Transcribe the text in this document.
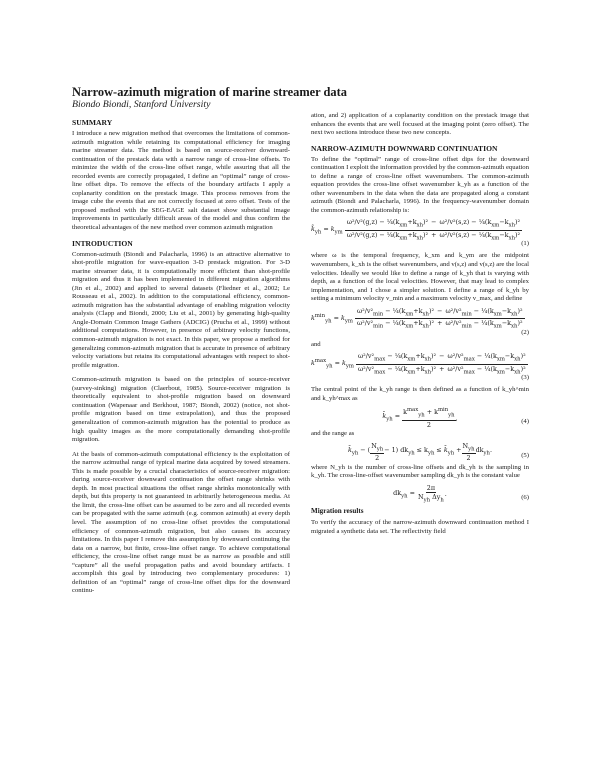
Narrow-azimuth migration of marine streamer data
Biondo Biondi, Stanford University
SUMMARY

I introduce a new migration method that overcomes the limitations of common-azimuth migration while retaining its computational efficiency for imaging marine streamer data. The method is based on source-receiver downward-continuation of the prestack data with a narrow range of cross-line offsets. To minimize the width of the cross-line offset range, while assuring that all the recorded events are correctly propagated, I define an “optimal” range of cross-line offset dips. To remove the effects of the boundary artifacts I apply a coplanarity condition on the prestack image. This process removes from the image cube the events that are not correctly focused at zero offset. Tests of the proposed method with the SEG-EAGE salt dataset show substantial image improvements in particularly difficult areas of the model and thus confirm the theoretical advantages of the new method over common azimuth migration

INTRODUCTION

Common-azimuth (Biondi and Palacharla, 1996) is an attractive alternative to shot-profile migration for wave-equation 3-D prestack migration. For 3-D marine streamer data, it is computationally more efficient than shot-profile migration and thus it has been implemented in different migration algorithms (Jin et al., 2002) and applied to several datasets (Fliedner et al., 2002; Le Rousseau et al., 2002). In addition to the computational efficiency, common-azimuth migration has the substantial advantage of enabling migration velocity analysis (Clapp and Biondi, 2000; Liu et al., 2001) by generating high-quality Angle-Domain Common Image Gathers (ADCIG) (Prucha et al., 1999) without additional computations. However, in presence of arbitrary velocity functions, common-azimuth migration is not exact. In this paper, we propose a method for generalizing common-azimuth migration that is accurate in presence of arbitrary velocity variations but retains its computational advantages with respect to shot-profile migration.

Common-azimuth migration is based on the principles of source-receiver (survey-sinking) migration (Claerbout, 1985). Source-receiver migration is theoretically equivalent to shot-profile migration based on downward continuation (Wapenaar and Berkhout, 1987; Biondi, 2002) (notice, not shot-profile migration based on time extrapolation), and thus the proposed generalization of common-azimuth migration has the potential to produce as high quality images as the more computationally demanding shot-profile migration.

At the basis of common-azimuth computational efficiency is the exploitation of the narrow azimuthal range of typical marine data acquired by towed streamers. This is made possible by a crucial characteristics of source-receiver migration: during source-receiver downward continuation the offset range shrinks with depth. In most practical situations the offset range shrinks monotonically with depth, but this property is not guaranteed in arbitrarily heterogeneous media. At the limit, the cross-line offset can be assumed to be zero and all recorded events can be propagated with the same azimuth (e.g. common azimuth) at every depth level. The assumption of no cross-line offset provides the computational efficiency of common-azimuth migration, but also causes its accuracy limitations. In this paper I remove this assumption by downward continuing the data on a narrow, but finite, cross-line offset range. To achieve computational efficiency, the cross-line offset range must be as narrow as possible and still “capture” all the useful propagation paths and avoid boundary artifacts. I accomplish this goal by introducing two complementary procedures: 1) definition of an “optimal” range of cross-line offset dips for the downward continu-

ation, and 2) application of a coplanarity condition on the prestack image that enhances the events that are well focused at the imaging point (zero offset). The next two sections introduce these two new concepts.

NARROW-AZIMUTH DOWNWARD CONTINUATION

To define the “optimal” range of cross-line offset dips for the downward continuation I exploit the information provided by the common-azimuth equation to define a range of cross-line offset wavenumbers. The common-azimuth equation provides the cross-line offset wavenumber k_yh as a function of the other wavenumbers in the data when the data are propagated along a constant azimuth (Biondi and Palacharla, 1996). In the frequency-wavenumber domain the common-azimuth relationship is:

$k̃_{yh} = k_{ym}$
$\frac{\omega^2/v^2(g,z) - \frac{1}{4}(k_{xm}+k_{xh})^2 - \omega^2/v^2(s,z) - \frac{1}{4}(k_{xm}-k_{xh})^2}{\omega^2/v^2(g,z) - \frac{1}{4}(k_{xm}+k_{xh})^2 + \omega^2/v^2(s,z) - \frac{1}{4}(k_{xm}-k_{xh})^2}$
(1)

where ω is the temporal frequency, k_xm and k_ym are the midpoint wavenumbers, k_xh is the offset wavenumbers, and v(s,z) and v(s,z) are the local velocities. Ideally we would like to define a range of k_yh that is varying with depth, as a function of the local velocities. However, that may lead to complex implementation, and I chose a simpler solution. I define a range of k_yh by setting a minimum velocity v_min and a maximum velocity v_max, and define

$k^{min}_{yh} = k_{ym}$
$\frac{\omega^2/v^2_{min} - \frac{1}{4}(k_{xm}+k_{xh})^2 - \omega^2/v^2_{min} - \frac{1}{4}(k_{xm}-k_{xh})^2}{\omega^2/v^2_{min} - \frac{1}{4}(k_{xm}+k_{xh})^2 + \omega^2/v^2_{min} - \frac{1}{4}(k_{xm}-k_{xh})^2}$
(2)

and

$k^{max}_{yh} = k_{ym}$
$\frac{\omega^2/v^2_{max} - \frac{1}{4}(k_{xm}+k_{xh})^2 - \omega^2/v^2_{max} - \frac{1}{4}(k_{xm}-k_{xh})^2}{\omega^2/v^2_{max} - \frac{1}{4}(k_{xm}+k_{xh})^2 + \omega^2/v^2_{max} - \frac{1}{4}(k_{xm}-k_{xh})^2}$
(3)

The central point of the k_yh range is then defined as a function of k_yh^min and k_yh^max as

$k̄_{yh}$ =
$\frac{k^{max}_{yh} + k^{min}_{yh}}{2}$ ,
(4)

and the range as

$k̄_{yh}$ − ( $\frac{N_{yh}}{2} - 1$) $dk_{yh} \le k_{yh}$ ≤ $k̄_{yh} + \frac{N_{yh}}{2} dk_{yh}$.
(5)

where N_yh is the number of cross-line offsets and dk_yh is the sampling in k_yh. The cross-line-offset wavenumber sampling dk_yh is the constant value

$dk_{yh}$ =
$\frac{2\pi}{N_{yh} \Delta y_h}$ .	(6)
Migration results

To verify the accuracy of the narrow-azimuth downward continuation method I migrated a synthetic data set. The reflectivity field
